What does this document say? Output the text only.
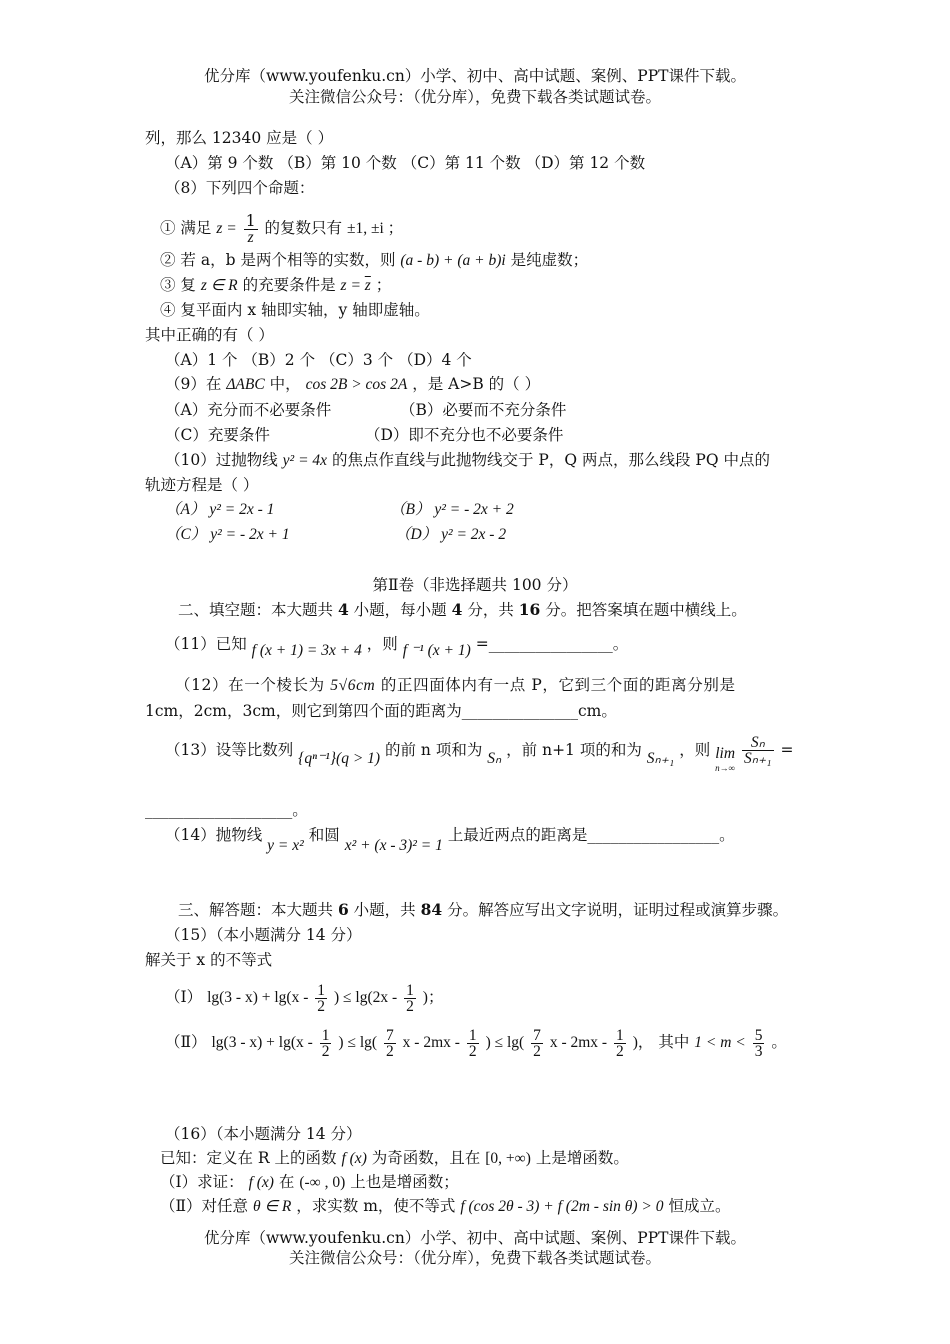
优分库（www.youfenku.cn）小学、初中、高中试题、案例、PPT课件下载。
关注微信公众号：（优分库），免费下载各类试题试卷。
列，那么 12340 应是（ ）
（A）第 9 个数 （B）第 10 个数 （C）第 11 个数 （D）第 12 个数
（8）下列四个命题：
① 满足 $z = \frac{1}{z}$ 的复数只有 ±1, ±i ；
② 若 a，b 是两个相等的实数，则 (a - b) + (a + b)i 是纯虚数；
③ 复 z ∈ R 的充要条件是 $z = \overline{z}$ ；
④ 复平面内 x 轴即实轴，y 轴即虚轴。
其中正确的有（ ）
（A）1 个 （B）2 个 （C）3 个 （D）4 个
（9）在 ΔABC 中， cos 2B > cos 2A ，是 A>B 的（ ）
（A）充分而不必要条件	（B）必要而不充分条件
（C）充要条件	（D）即不充分也不必要条件
（10）过抛物线 y² = 4x 的焦点作直线与此抛物线交于 P，Q 两点，那么线段 PQ 中点的
轨迹方程是（ ）
（A） y² = 2x - 1	（B） y² = - 2x + 2
（C） y² = - 2x + 1	（D） y² = 2x - 2
第Ⅱ卷（非选择题共 100 分）
二、填空题：本大题共 4 小题，每小题 4 分，共 16 分。把答案填在题中横线上。
（11）已知 f (x + 1) = 3x + 4 ，则 f ⁻¹ (x + 1) =________________。
（12）在一个棱长为 5√6cm 的正四面体内有一点 P，它到三个面的距离分别是
1cm，2cm，3cm，则它到第四个面的距离为_______________cm。
（13）设等比数列 {qⁿ⁻¹}(q > 1) 的前 n 项和为 Sₙ ，前 n+1 项的和为 Sₙ₊₁ ，则 lim
n→∞

$\frac{\text{Sₙ}}{\text{Sₙ₊₁}}$ =
___________________。
（14）抛物线 y = x² 和圆 x² + (x - 3)² = 1 上最近两点的距离是_________________。
三、解答题：本大题共 6 小题，共 84 分。解答应写出文字说明，证明过程或演算步骤。
（15）（本小题满分 14 分）
解关于 x 的不等式
（Ⅰ） $\lg(3 - x) + \lg(x - \frac{1}{2}$ ) ≤ $\lg(2x - \frac{1}{2}$ )；
（Ⅱ） $\lg(3 - x) + \lg(x - \frac{1}{2}$ ) ≤ $\lg( \frac{7}{2}$ x - $2mx - \frac{1}{2}$ ) ≤ $\lg( \frac{7}{2}$ x - $2mx - \frac{1}{2}$ )， 其中 $1 < m < \frac{5}{3}$ 。
（16）（本小题满分 14 分）
已知：定义在 R 上的函数 f (x) 为奇函数，且在 [0, +∞) 上是增函数。
（Ⅰ）求证： f (x) 在 (-∞ , 0) 上也是增函数；
（Ⅱ）对任意 θ ∈ R ，求实数 m，使不等式 f (cos 2θ - 3) + f (2m - sin θ) > 0 恒成立。
优分库（www.youfenku.cn）小学、初中、高中试题、案例、PPT课件下载。
关注微信公众号：（优分库），免费下载各类试题试卷。
